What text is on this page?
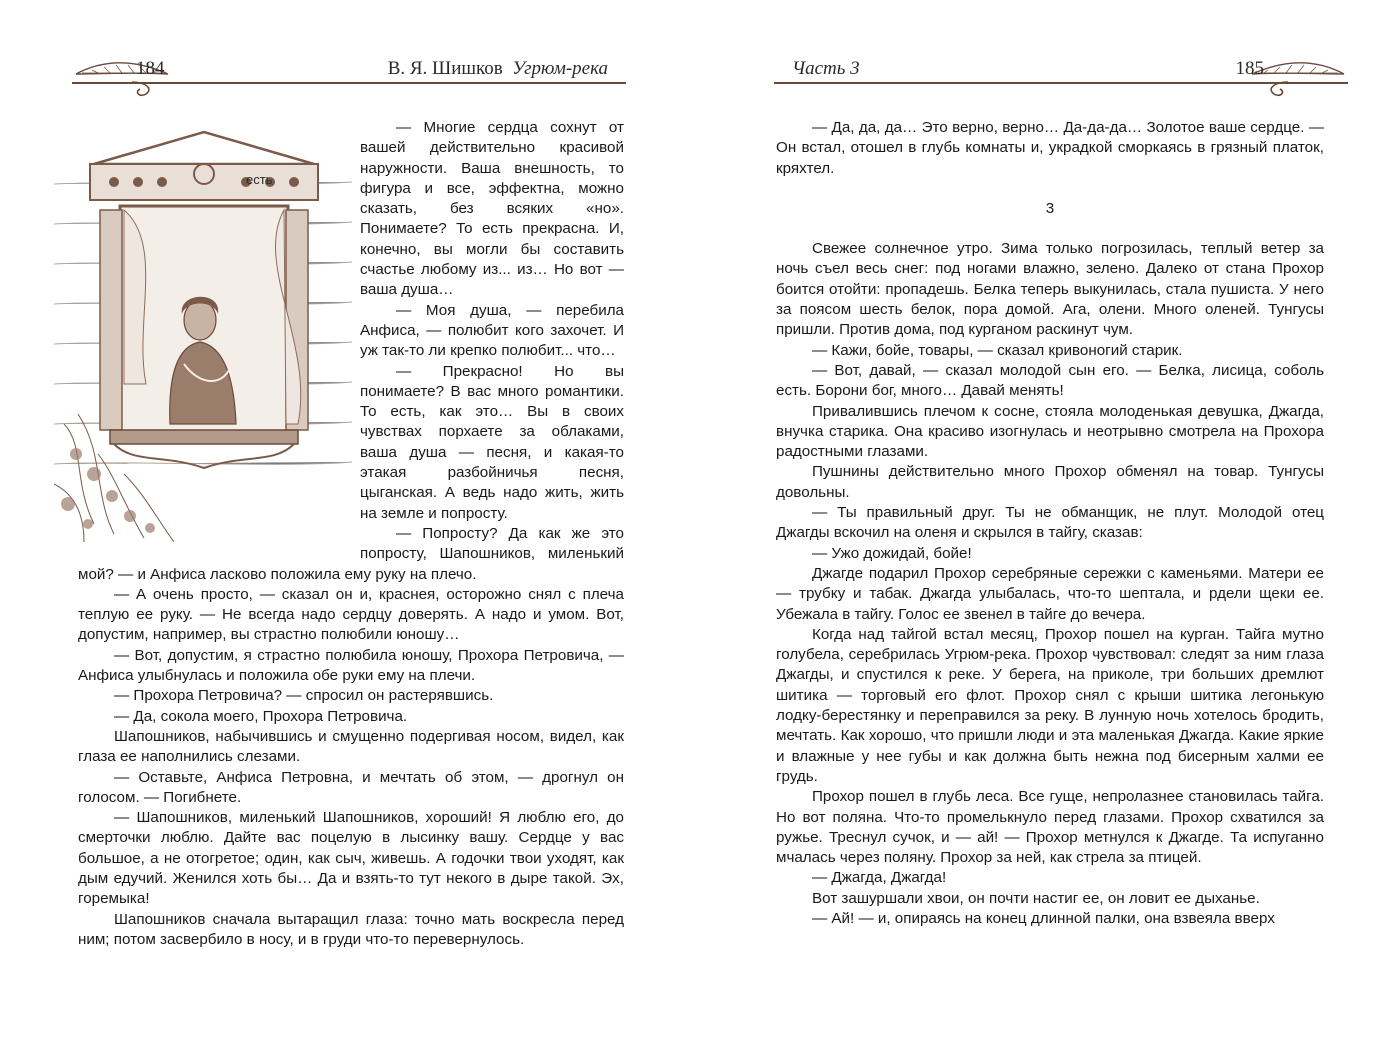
184	В. Я. Шишков Угрюм-река
есть

— Многие сердца сохнут от вашей действительно красивой наружности. Ваша внешность, то фигура и все, эффектна, можно сказать, без всяких «но». Понимаете? То есть прекрасна. И, конечно, вы могли бы составить счастье любому из... из… Но вот — ваша душа…

— Моя душа, — перебила Анфиса, — полюбит кого захочет. И уж так-то ли крепко полюбит... что…

— Прекрасно! Но вы понимаете? В вас много романтики. То есть, как это… Вы в своих чувствах порхаете за облаками, ваша душа — песня, и какая-то этакая разбойничья песня, цыганская. А ведь надо жить, жить на земле и попросту.

— Попросту? Да как же это попросту, Шапошников, миленький мой? — и Анфиса ласково положила ему руку на плечо.

— А очень просто, — сказал он и, краснея, осторожно снял с плеча теплую ее руку. — Не всегда надо сердцу доверять. А надо и умом. Вот, допустим, например, вы страстно полюбили юношу…

— Вот, допустим, я страстно полюбила юношу, Прохора Петровича, — Анфиса улыбнулась и положила обе руки ему на плечи.

— Прохора Петровича? — спросил он растерявшись.

— Да, сокола моего, Прохора Петровича.

Шапошников, набычившись и смущенно подергивая носом, видел, как глаза ее наполнились слезами.

— Оставьте, Анфиса Петровна, и мечтать об этом, — дрогнул он голосом. — Погибнете.

— Шапошников, миленький Шапошников, хороший! Я люблю его, до смерточки люблю. Дайте вас поцелую в лысинку вашу. Сердце у вас большое, а не отогретое; один, как сыч, живешь. А годочки твои уходят, как дым едучий. Женился хоть бы… Да и взять-то тут некого в дыре такой. Эх, горемыка!

Шапошников сначала вытаращил глаза: точно мать воскресла перед ним; потом засвербило в носу, и в груди что-то перевернулось.

Часть 3	185

— Да, да, да… Это верно, верно… Да-да-да… Золотое ваше сердце. — Он встал, отошел в глубь комнаты и, украдкой сморкаясь в грязный платок, кряхтел.

3

Свежее солнечное утро. Зима только погрозилась, теплый ветер за ночь съел весь снег: под ногами влажно, зелено. Далеко от стана Прохор боится отойти: пропадешь. Белка теперь выкунилась, стала пушиста. У него за поясом шесть белок, пора домой. Ага, олени. Много оленей. Тунгусы пришли. Против дома, под курганом раскинут чум.

— Кажи, бойе, товары, — сказал кривоногий старик.

— Вот, давай, — сказал молодой сын его. — Белка, лисица, соболь есть. Борони бог, много… Давай менять!

Привалившись плечом к сосне, стояла молоденькая девушка, Джагда, внучка старика. Она красиво изогнулась и неотрывно смотрела на Прохора радостными глазами.

Пушнины действительно много Прохор обменял на товар. Тунгусы довольны.

— Ты правильный друг. Ты не обманщик, не плут. Молодой отец Джагды вскочил на оленя и скрылся в тайгу, сказав:

— Ужо дожидай, бойе!

Джагде подарил Прохор серебряные сережки с каменьями. Матери ее — трубку и табак. Джагда улыбалась, что-то шептала, и рдели щеки ее. Убежала в тайгу. Голос ее звенел в тайге до вечера.

Когда над тайгой встал месяц, Прохор пошел на курган. Тайга мутно голубела, серебрилась Угрюм-река. Прохор чувствовал: следят за ним глаза Джагды, и спустился к реке. У берега, на приколе, три больших дремлют шитика — торговый его флот. Прохор снял с крыши шитика легонькую лодку-берестянку и переправился за реку. В лунную ночь хотелось бродить, мечтать. Как хорошо, что пришли люди и эта маленькая Джагда. Какие яркие и влажные у нее губы и как должна быть нежна под бисерным халми ее грудь.

Прохор пошел в глубь леса. Все гуще, непролазнее становилась тайга. Но вот поляна. Что-то промелькнуло перед глазами. Прохор схватился за ружье. Треснул сучок, и — ай! — Прохор метнулся к Джагде. Та испуганно мчалась через поляну. Прохор за ней, как стрела за птицей.

— Джагда, Джагда!

Вот зашуршали хвои, он почти настиг ее, он ловит ее дыханье.

— Ай! — и, опираясь на конец длинной палки, она взвеяла вверх
